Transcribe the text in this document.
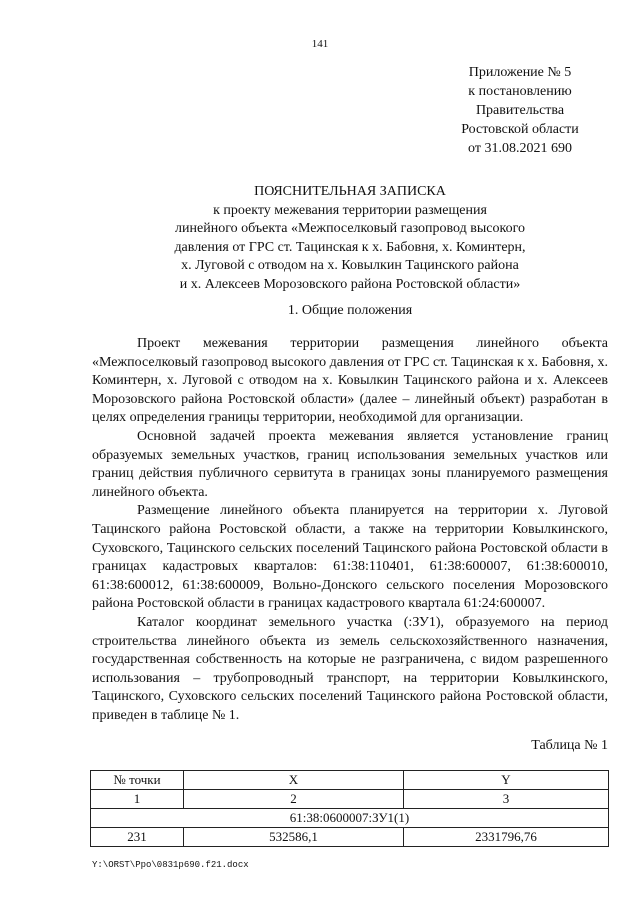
141
Приложение № 5
к постановлению
Правительства
Ростовской области
от 31.08.2021 690
ПОЯСНИТЕЛЬНАЯ ЗАПИСКА
к проекту межевания территории размещения
линейного объекта «Межпоселковый газопровод высокого
давления от ГРС ст. Тацинская к х. Бабовня, х. Коминтерн,
х. Луговой с отводом на х. Ковылкин Тацинского района
и х. Алексеев Морозовского района Ростовской области»
1. Общие положения

Проект межевания территории размещения линейного объекта «Межпоселковый газопровод высокого давления от ГРС ст. Тацинская к х. Бабовня, х. Коминтерн, х. Луговой с отводом на х. Ковылкин Тацинского района и х. Алексеев Морозовского района Ростовской области» (далее – линейный объект) разработан в целях определения границы территории, необходимой для организации.

Основной задачей проекта межевания является установление границ образуемых земельных участков, границ использования земельных участков или границ действия публичного сервитута в границах зоны планируемого размещения линейного объекта.

Размещение линейного объекта планируется на территории х. Луговой Тацинского района Ростовской области, а также на территории Ковылкинского, Суховского, Тацинского сельских поселений Тацинского района Ростовской области в границах кадастровых кварталов: 61:38:110401, 61:38:600007, 61:38:600010, 61:38:600012, 61:38:600009, Вольно-Донского сельского поселения Морозовского района Ростовской области в границах кадастрового квартала 61:24:600007.

Каталог координат земельного участка (:ЗУ1), образуемого на период строительства линейного объекта из земель сельскохозяйственного назначения, государственная собственность на которые не разграничена, с видом разрешенного использования – трубопроводный транспорт, на территории Ковылкинского, Тацинского, Суховского сельских поселений Тацинского района Ростовской области, приведен в таблице № 1.

Таблица № 1
№ точки	X	Y
1	2	3
61:38:0600007:ЗУ1(1)		
231	532586,1	2331796,76
Y:\ORST\Ppo\0831p690.f21.docx
